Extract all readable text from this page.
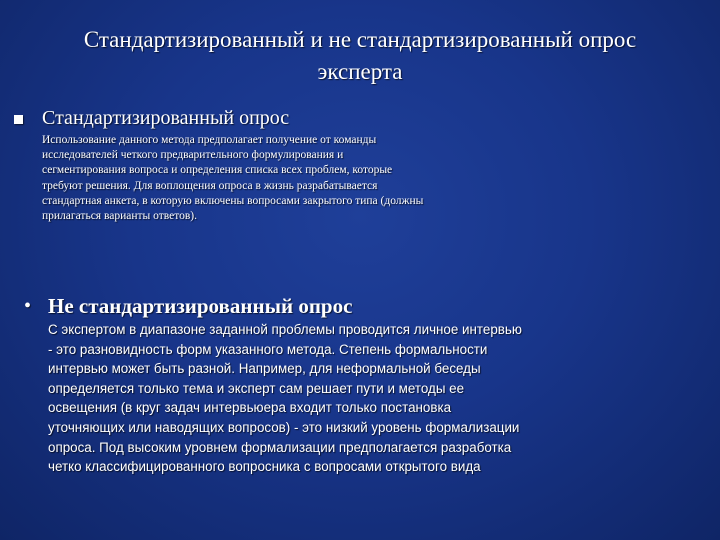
Стандартизированный и не стандартизированный опрос
эксперта
Стандартизированный опрос
Использование данного метода предполагает получение от команды
исследователей четкого предварительного формулирования и
сегментирования вопроса и определения списка всех проблем, которые
требуют решения. Для воплощения опроса в жизнь разрабатывается
стандартная анкета, в которую включены вопросами закрытого типа (должны
прилагаться варианты ответов).
• Не стандартизированный опрос
С экспертом в диапазоне заданной проблемы проводится личное интервью
- это разновидность форм указанного метода. Степень формальности
интервью может быть разной. Например, для неформальной беседы
определяется только тема и эксперт сам решает пути и методы ее
освещения (в круг задач интервьюера входит только постановка
уточняющих или наводящих вопросов) - это низкий уровень формализации
опроса. Под высоким уровнем формализации предполагается разработка
четко классифицированного вопросника с вопросами открытого вида
